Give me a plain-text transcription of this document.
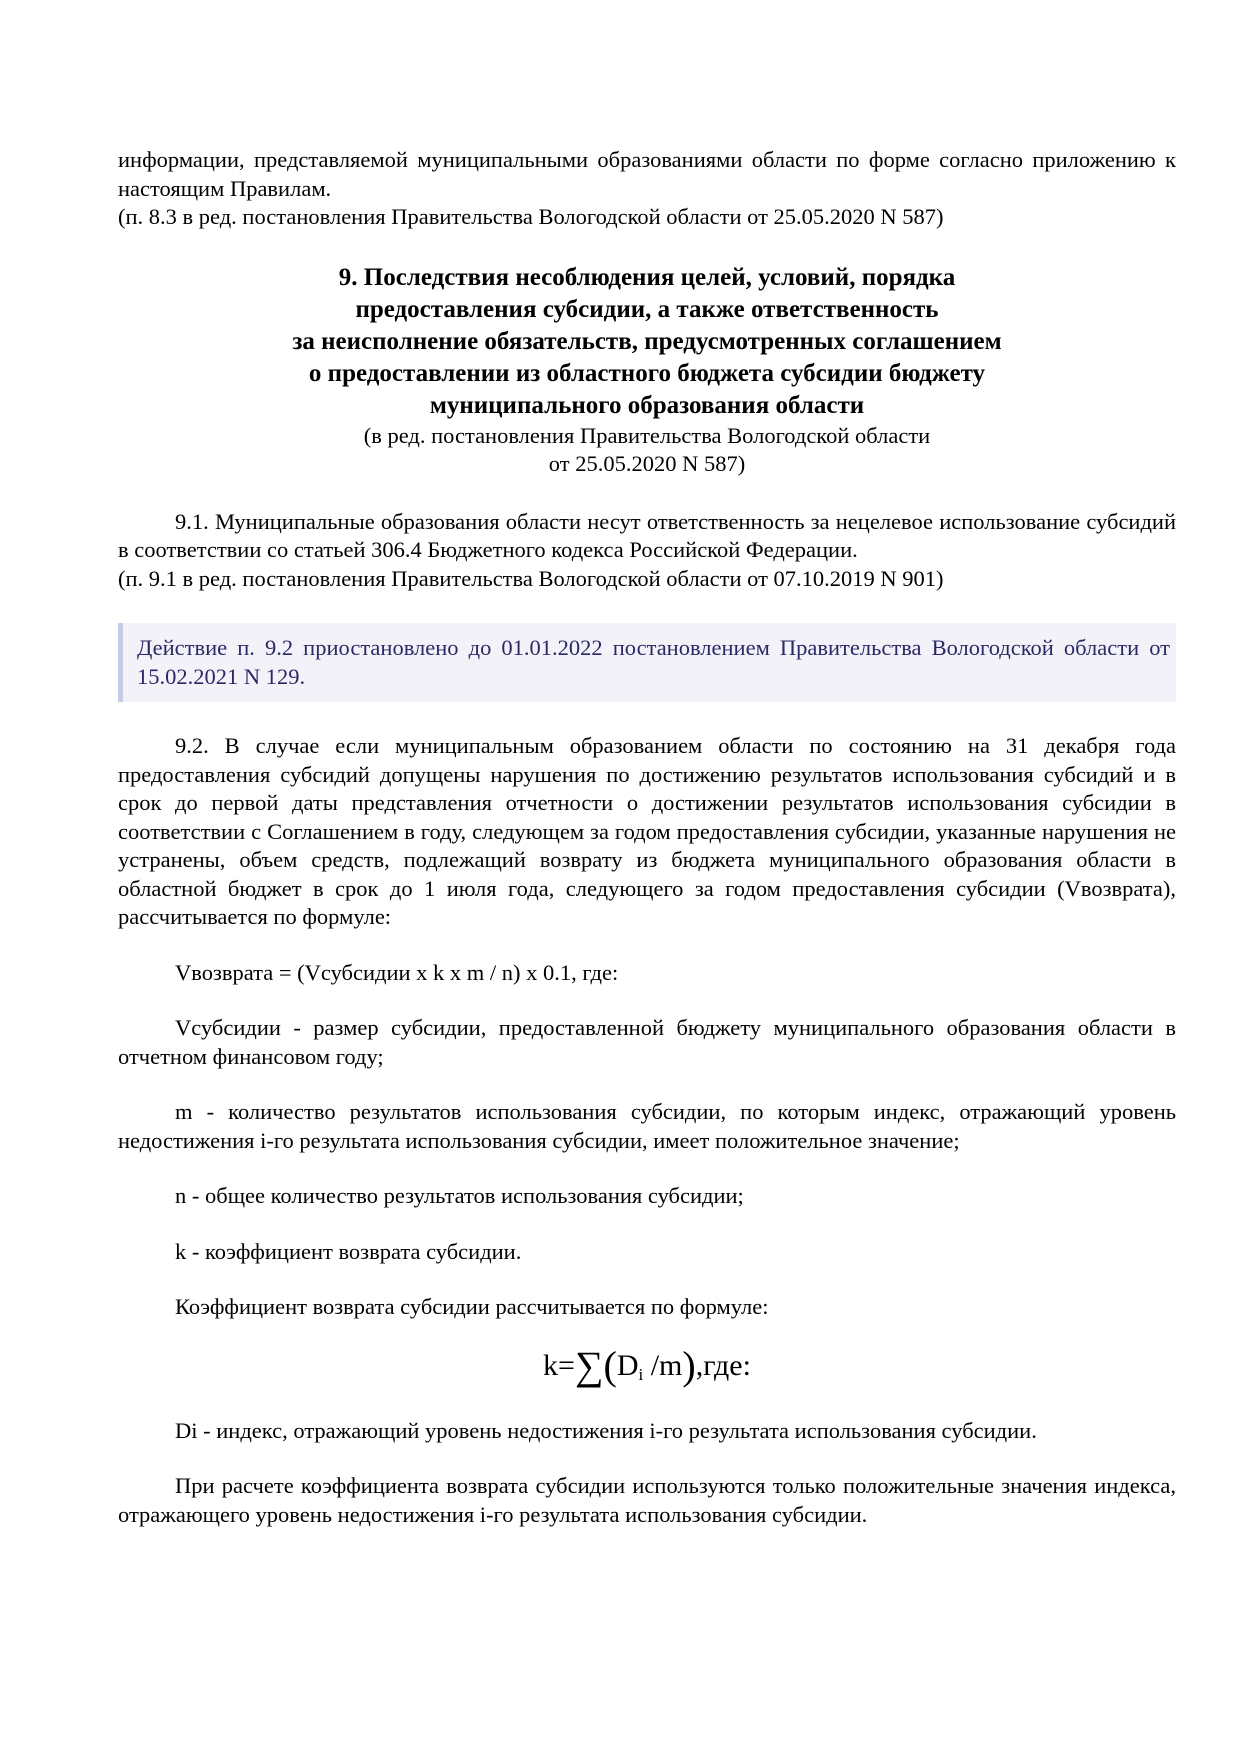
информации, представляемой муниципальными образованиями области по форме согласно приложению к настоящим Правилам.

(п. 8.3 в ред. постановления Правительства Вологодской области от 25.05.2020 N 587)

9. Последствия несоблюдения целей, условий, порядка
предоставления субсидии, а также ответственность
за неисполнение обязательств, предусмотренных соглашением
о предоставлении из областного бюджета субсидии бюджету
муниципального образования области
(в ред. постановления Правительства Вологодской области
от 25.05.2020 N 587)

9.1. Муниципальные образования области несут ответственность за нецелевое использование субсидий в соответствии со статьей 306.4 Бюджетного кодекса Российской Федерации.

(п. 9.1 в ред. постановления Правительства Вологодской области от 07.10.2019 N 901)

Действие п. 9.2 приостановлено до 01.01.2022 постановлением Правительства Вологодской области от 15.02.2021 N 129.

9.2. В случае если муниципальным образованием области по состоянию на 31 декабря года предоставления субсидий допущены нарушения по достижению результатов использования субсидий и в срок до первой даты представления отчетности о достижении результатов использования субсидии в соответствии с Соглашением в году, следующем за годом предоставления субсидии, указанные нарушения не устранены, объем средств, подлежащий возврату из бюджета муниципального образования области в областной бюджет в срок до 1 июля года, следующего за годом предоставления субсидии (Vвозврата), рассчитывается по формуле:

Vвозврата = (Vсубсидии x k x m / n) x 0.1, где:

Vсубсидии - размер субсидии, предоставленной бюджету муниципального образования области в отчетном финансовом году;

m - количество результатов использования субсидии, по которым индекс, отражающий уровень недостижения i-го результата использования субсидии, имеет положительное значение;

n - общее количество результатов использования субсидии;

k - коэффициент возврата субсидии.

Коэффициент возврата субсидии рассчитывается по формуле:

$k=\sum(D_i$ /m),где:

Di - индекс, отражающий уровень недостижения i-го результата использования субсидии.

При расчете коэффициента возврата субсидии используются только положительные значения индекса, отражающего уровень недостижения i-го результата использования субсидии.
